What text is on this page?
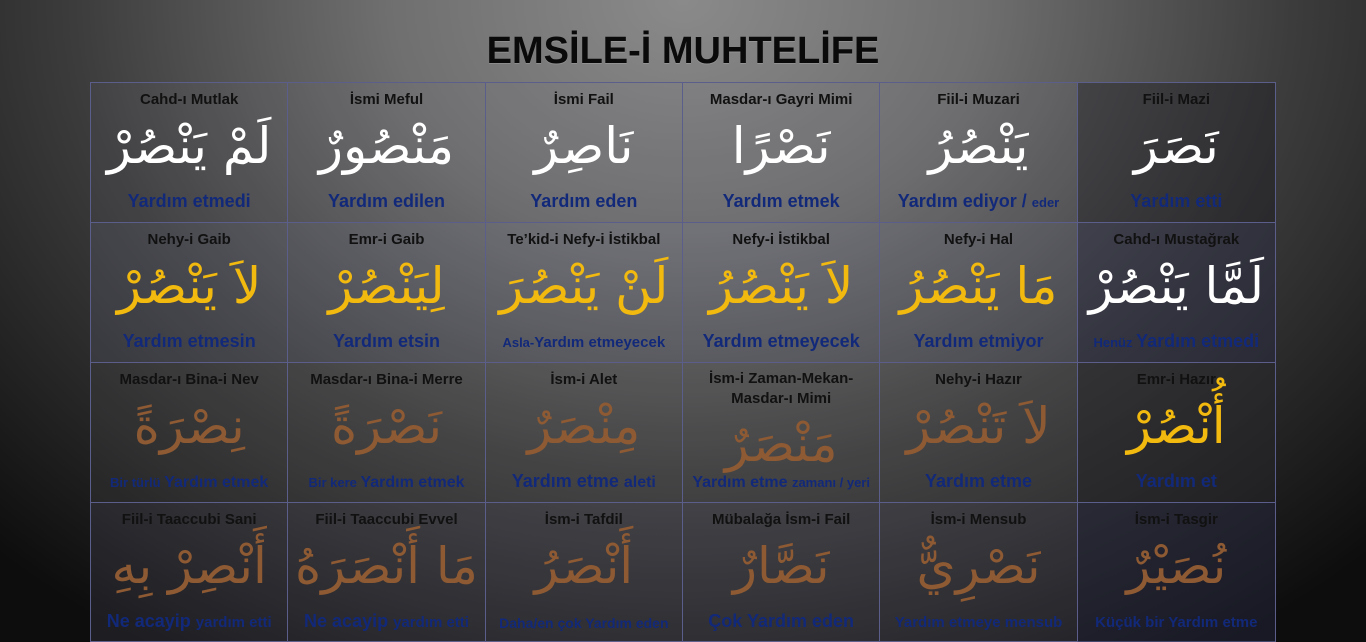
EMSİLE-İ MUHTELİFE
Cahd-ı Mutlak
لَمْ يَنْصُرْ
Yardım etmedi
İsmi Meful
مَنْصُورٌ
Yardım edilen
İsmi Fail
نَاصِرٌ
Yardım eden
Masdar-ı Gayri Mimi
نَصْرًا
Yardım etmek
Fiil-i Muzari
يَنْصُرُ
Yardım ediyor / eder
Fiil-i Mazi
نَصَرَ
Yardım etti
Nehy-i Gaib
لاَ يَنْصُرْ
Yardım etmesin
Emr-i Gaib
لِيَنْصُرْ
Yardım etsin
Te’kid-i Nefy-i İstikbal
لَنْ يَنْصُرَ
Asla-Yardım etmeyecek
Nefy-i İstikbal
لاَ يَنْصُرُ
Yardım etmeyecek
Nefy-i Hal
مَا يَنْصُرُ
Yardım etmiyor
Cahd-ı Mustağrak
لَمَّا يَنْصُرْ
Henüz Yardım etmedi
Masdar-ı Bina-i Nev
نِصْرَةً
Bir türlü Yardım etmek
Masdar-ı Bina-i Merre
نَصْرَةً
Bir kere Yardım etmek
İsm-i Alet
مِنْصَرٌ
Yardım etme aleti
İsm-i Zaman-Mekan-Masdar-ı Mimi
مَنْصَرٌ
Yardım etme zamanı / yeri
Nehy-i Hazır
لاَ تَنْصُرْ
Yardım etme
Emr-i Hazır
أُنْصُرْ
Yardım et
Fiil-i Taaccubi Sani
أَنْصِرْ بِهِ
Ne acayip yardım etti
Fiil-i Taaccubi Evvel
مَا أَنْصَرَهُ
Ne acayip yardım etti
İsm-i Tafdil
أَنْصَرُ
Daha/en çok Yardım eden
Mübalağa İsm-i Fail
نَصَّارٌ
Çok Yardım eden
İsm-i Mensub
نَصْرِيٌّ
Yardım etmeye mensub
İsm-i Tasgir
نُصَيْرٌ
Küçük bir Yardım etme
